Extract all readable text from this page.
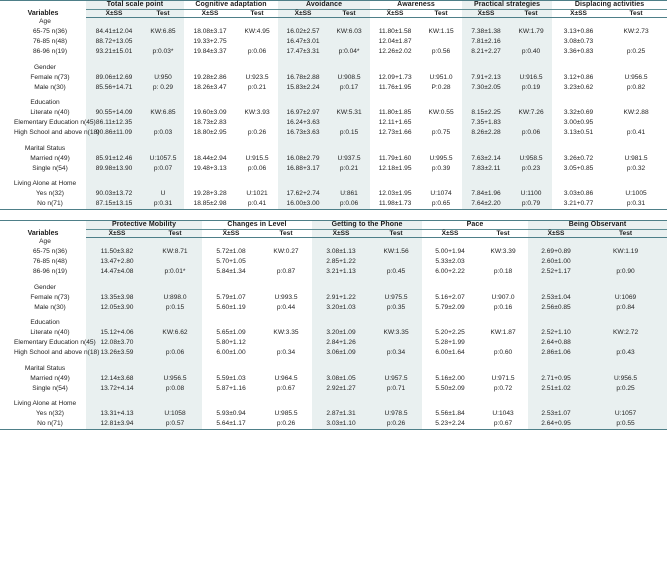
Variables	Total scale point		Cognitive adaptation		Avoidance		Awareness		Practical strategies		Displacing activities	
	X̄±SS	Test	X̄±SS	Test	X̄±SS	Test	X̄±SS	Test	X̄±SS	Test	X̄±SS	Test
Age												
65-75 n(36)	84.41±12.04	KW:6.85	18.08±3.17	KW:4.95	16.02±2.57	KW:6.03	11.80±1.58	KW:1.15	7.38±1.38	KW:1.79	3.13+0.86	KW:2.73
76-85 n(48)	88.72+13.05		19.33+2.75		16.47±3.01		12.04±1.87		7.81±2.16		3.08±0.73	
86-96 n(19)	93.21±15.01	p:0.03*	19.84±3.37	p:0.06	17.47±3.31	p:0.04*	12.26±2.02	p:0.56	8.21+2.27	p:0.40	3.36+0.83	p:0.25

Gender												
Female n(73)	89.06±12.69	U:950	19.28±2.86	U:923.5	16.78±2.88	U:908.5	12.09+1.73	U:951.0	7.91+2.13	U:916.5	3.12+0.86	U:956.5
Male n(30)	85.56+14.71	p: 0.29	18.26±3.47	p:0.21	15.83±2.24	p:0.17	11.76±1.95	P:0.28	7.30±2.05	p:0.19	3.23±0.62	p:0.82

Education												
Literate n(40)	90.55+14.09	KW:6.85	19.60±3.09	KW:3.93	16.97±2.97	KW:5.31	11.80±1.85	KW:0.55	8.15±2.25	KW:7.26	3.32±0.69	KW:2.88
Elementary Education n(45)	86.11±12.35		18.73±2.83		16.24+3.63		12.11+1.65		7.35+1.83		3.00±0.95	
High School and above n(18)	90.86±11.09	p:0.03	18.80±2.95	p:0.26	16.73±3.63	p:0.15	12.73±1.66	p:0.75	8.26±2.28	p:0.06	3.13±0.51	p:0.41

Marital Status												
Married n(49)	85.91±12.46	U:1057.5	18.44±2.94	U:915.5	16.08±2.79	U:937.5	11.79±1.60	U:995.5	7.63±2.14	U:958.5	3.26±0.72	U:981.5
Single n(54)	89.98±13.90	p:0.07	19.48+3.13	p:0.06	16.88+3.17	p:0.21	12.18±1.95	p:0.39	7.83±2.11	p:0.23	3.05+0.85	p:0.32

Living Alone at Home												
Yes n(32)	90.03±13.72	U	19.28+3.28	U:1021	17.62+2.74	U:861	12.03±1.95	U:1074	7.84±1.96	U:1100	3.03±0.86	U:1005
No n(71)	87.15±13.15	p:0.31	18.85±2.98	p:0.41	16.00±3.00	p:0.06	11.98±1.73	p:0.65	7.64±2.20	p:0.79	3.21+0.77	p:0.31
Variables	Protective Mobility		Changes in Level		Getting to the Phone		Pace		Being Observant	
	X̄±SS	Test	X̄±SS	Test	X̄±SS	Test	X̄±SS	Test	X̄±SS	Test
Age										
65-75 n(36)	11.50±3.82	KW:8.71	5.72±1.08	KW:0.27	3.08±1.13	KW:1.56	5.00+1.94	KW:3.39	2.69+0.89	KW:1.19
76-85 n(48)	13.47+2.80		5.70+1.05		2.85+1.22		5.33±2.03		2.60±1.00	
86-96 n(19)	14.47±4.08	p:0.01*	5.84±1.34	p:0.87	3.21+1.13	p:0.45	6.00+2.22	p:0.18	2.52+1.17	p:0.90

Gender										
Female n(73)	13.35±3.98	U:898.0	5.79±1.07	U:993.5	2.91+1.22	U:975.5	5.16+2.07	U:907.0	2.53±1.04	U:1069
Male n(30)	12.05±3.90	p:0.15	5.60±1.19	p:0.44	3.20±1.03	p:0.35	5.79±2.09	p:0.16	2.56±0.85	p:0.84

Education										
Literate n(40)	15.12+4.06	KW:6.62	5.65±1.09	KW:3.35	3.20±1.09	KW:3.35	5.20+2.25	KW:1.87	2.52+1.10	KW:2.72
Elementary Education n(45)	12.08±3.70		5.80+1.12		2.84+1.26		5.28+1.99		2.64+0.88	
High School and above n(18)	13.26±3.59	p:0.06	6.00±1.00	p:0.34	3.06±1.09	p:0.34	6.00±1.64	p:0.60	2.86±1.06	p:0.43

Marital Status										
Married n(49)	12.14±3.68	U:956.5	5.59±1.03	U:964.5	3.08±1.05	U:957.5	5.16±2.00	U:971.5	2.71+0.95	U:956.5
Single n(54)	13.72+4.14	p:0.08	5.87+1.16	p:0.67	2.92±1.27	p:0.71	5.50±2.09	p:0.72	2.51±1.02	p:0.25

Living Alone at Home										
Yes n(32)	13.31+4.13	U:1058	5.93±0.94	U:985.5	2.87±1.31	U:978.5	5.56±1.84	U:1043	2.53±1.07	U:1057
No n(71)	12.81±3.94	p:0.57	5.64±1.17	p:0.26	3.03±1.10	p:0.26	5.23+2.24	p:0.67	2.64+0.95	p:0.55
